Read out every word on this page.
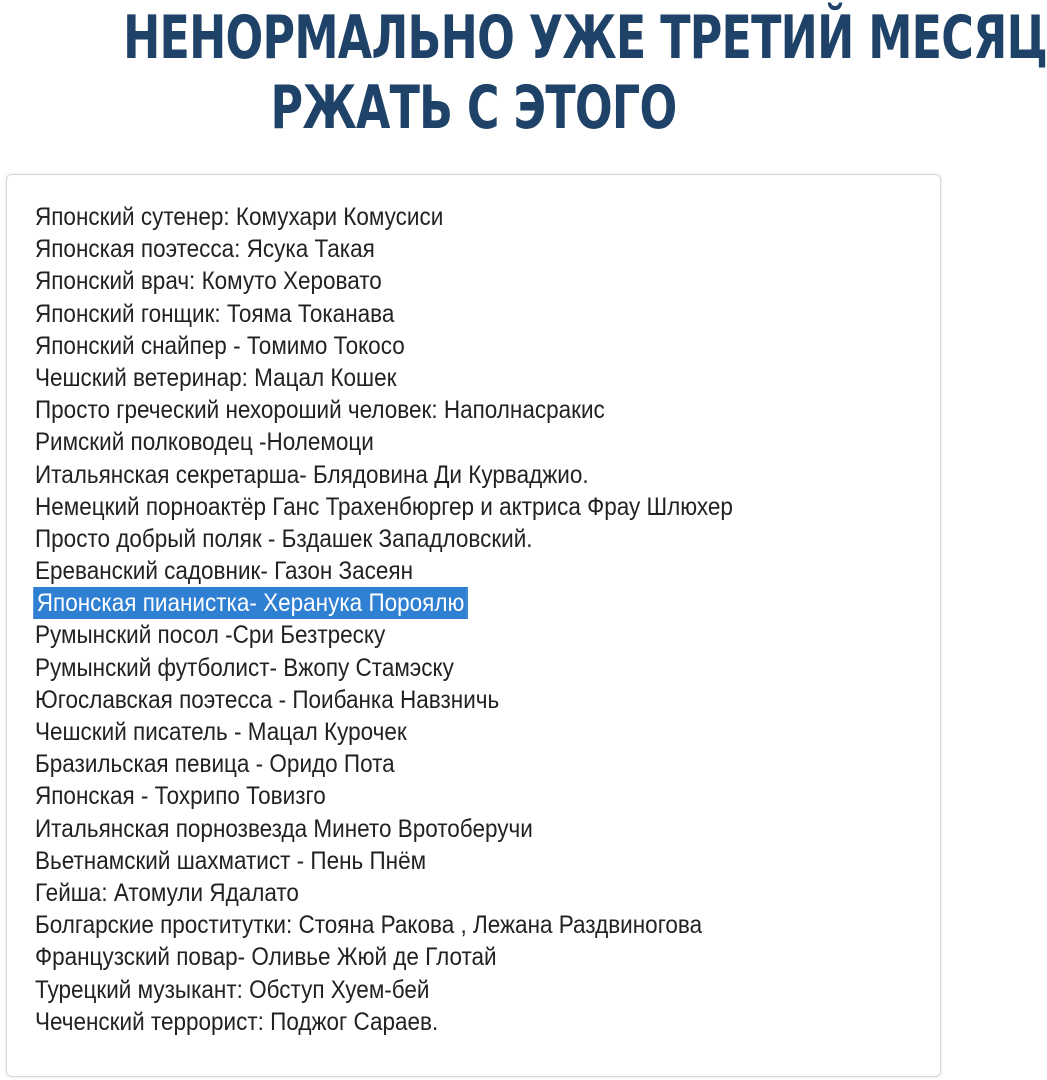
НЕНОРМАЛЬНО УЖЕ ТРЕТИЙ МЕСЯЦ
РЖАТЬ С ЭТОГО
Японский сутенер: Комухари Комусиси
Японская поэтесса: Ясука Такая
Японский врач: Комуто Херовато
Японский гонщик: Тояма Токанава
Японский снайпер - Томимо Токосо
Чешский ветеринар: Мацал Кошек
Просто греческий нехороший человек: Наполнасракис
Римский полководец -Нолемоци
Итальянская секретарша- Блядовина Ди Курваджио.
Немецкий порноактёр Ганс Трахенбюргер и актриса Фрау Шлюхер
Просто добрый поляк - Бздашек Западловский.
Ереванский садовник- Газон Засеян
Японская пианистка- Херанука Пороялю
Румынский посол -Сри Безтреску
Румынский футболист- Вжопу Стамэску
Югославская поэтесса - Поибанка Навзничь
Чешский писатель - Мацал Курочек
Бразильская певица - Оридо Пота
Японская - Тохрипо Товизго
Итальянская порнозвезда Минето Вротоберучи
Вьетнамский шахматист - Пень Пнём
Гейша: Атомули Ядалато
Болгарские проститутки: Стояна Ракова , Лежана Раздвиногова
Французский повар- Оливье Жюй де Глотай
Турецкий музыкант: Обступ Хуем-бей
Чеченский террорист: Поджог Сараев.
